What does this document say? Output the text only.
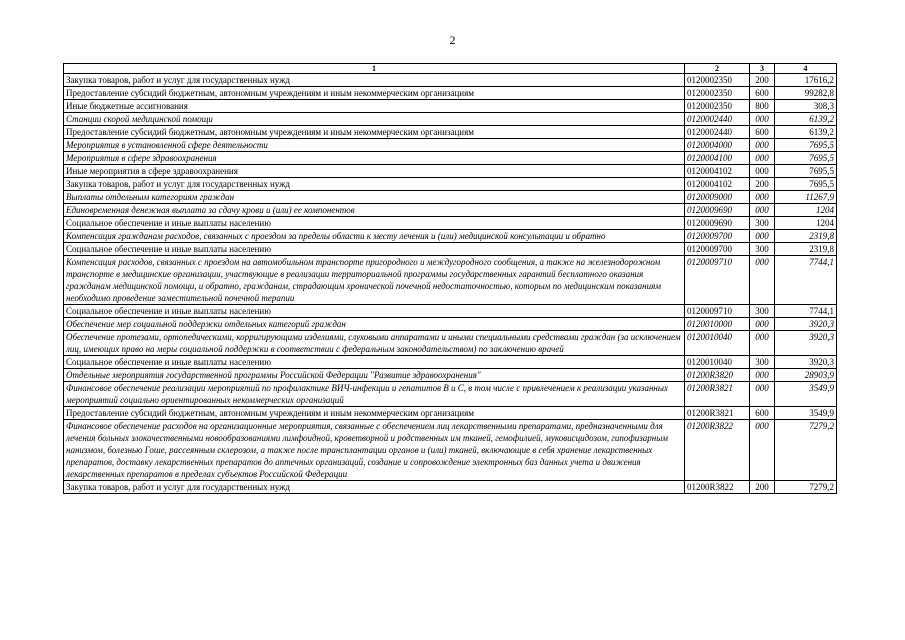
2
1	2	3	4
Закупка товаров, работ и услуг для государственных нужд	0120002350	200	17616,2
Предоставление субсидий бюджетным, автономным учреждениям и иным некоммерческим организациям	0120002350	600	99282,8
Иные бюджетные ассигнования	0120002350	800	308,3
Станции скорой медицинской помощи	0120002440	000	6139,2
Предоставление субсидий бюджетным, автономным учреждениям и иным некоммерческим организациям	0120002440	600	6139,2
Мероприятия в установленной сфере деятельности	0120004000	000	7695,5
Мероприятия в сфере здравоохранения	0120004100	000	7695,5
Иные мероприятия в сфере здравоохранения	0120004102	000	7695,5
Закупка товаров, работ и услуг для государственных нужд	0120004102	200	7695,5
Выплаты отдельным категориям граждан	0120009000	000	11267,9
Единовременная денежная выплата за сдачу крови и (или) ее компонентов	0120009690	000	1204
Социальное обеспечение и иные выплаты населению	0120009690	300	1204
Компенсация гражданам расходов, связанных с проездом за пределы области к месту лечения и (или) медицинской консультации и обратно	0120009700	000	2319,8
Социальное обеспечение и иные выплаты населению	0120009700	300	2319,8
Компенсация расходов, связанных с проездом на автомобильном транспорте пригородного и междугородного сообщения, а также на железнодорожном транспорте в медицинские организации, участвующие в реализации территориальной программы государственных гарантий бесплатного оказания гражданам медицинской помощи, и обратно, гражданам, страдающим хронической почечной недостаточностью, которым по медицинским показаниям необходимо проведение заместительной почечной терапии	0120009710	000	7744,1
Социальное обеспечение и иные выплаты населению	0120009710	300	7744,1
Обеспечение мер социальной поддержки отдельных категорий граждан	0120010000	000	3920,3
Обеспечение протезами, ортопедическими, корригирующими изделиями, слуховыми аппаратами и иными специальными средствами граждан (за исключением лиц, имеющих право на меры социальной поддержки в соответствии с федеральным законодательством) по заключению врачей	0120010040	000	3920,3
Социальное обеспечение и иные выплаты населению	0120010040	300	3920,3
Отдельные мероприятия государственной программы Российской Федерации "Развитие здравоохранения"	01200R3820	000	28903,9
Финансовое обеспечение реализации мероприятий по профилактике ВИЧ-инфекции и гепатитов В и С, в том числе с привлечением к реализации указанных мероприятий социально ориентированных некоммерческих организаций	01200R3821	000	3549,9
Предоставление субсидий бюджетным, автономным учреждениям и иным некоммерческим организациям	01200R3821	600	3549,9
Финансовое обеспечение расходов на организационные мероприятия, связанные с обеспечением лиц лекарственными препаратами, предназначенными для лечения больных злокачественными новообразованиями лимфоидной, кроветворной и родственных им тканей, гемофилией, муковисцидозом, гипофизарным нанизмом, болезнью Гоше, рассеянным склерозом, а также после трансплантации органов и (или) тканей, включающие в себя хранение лекарственных препаратов, доставку лекарственных препаратов до аптечных организаций, создание и сопровождение электронных баз данных учета и движения лекарственных препаратов в пределах субъектов Российской Федерации	01200R3822	000	7279,2
Закупка товаров, работ и услуг для государственных нужд	01200R3822	200	7279,2
